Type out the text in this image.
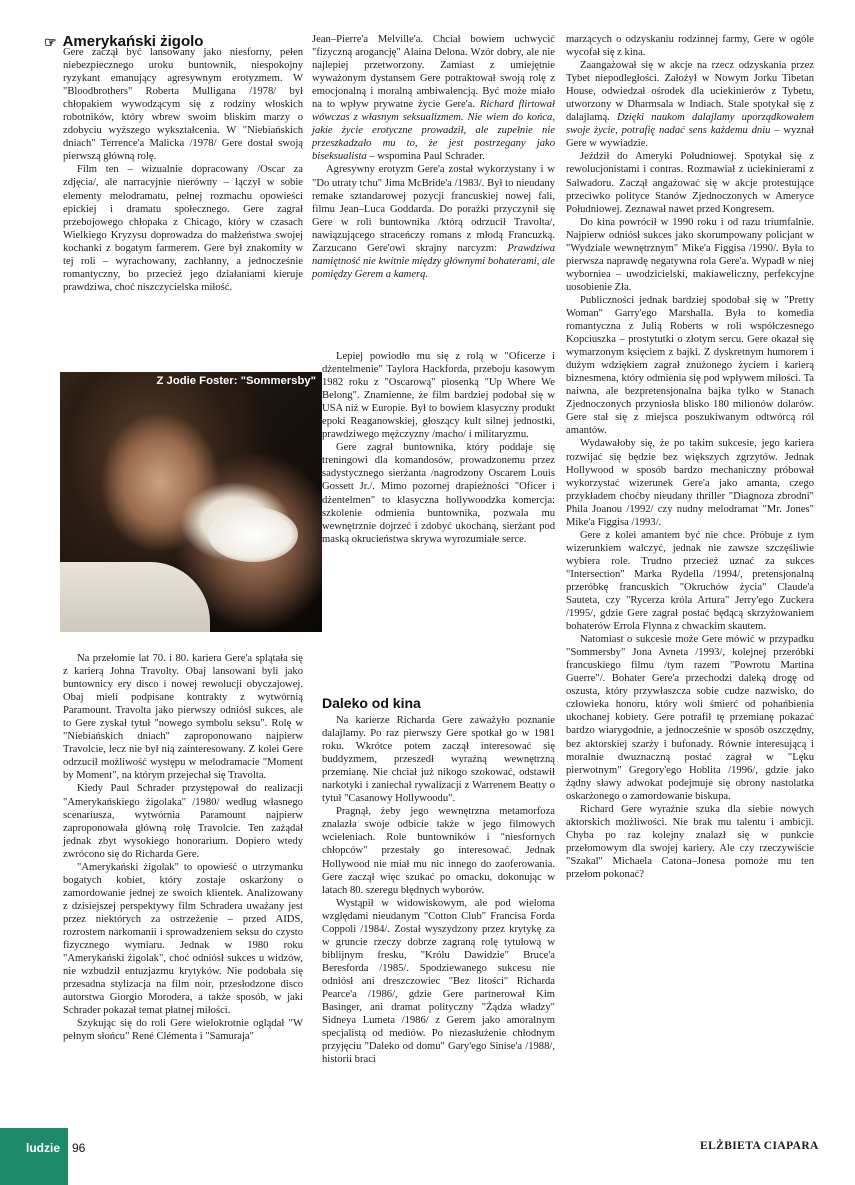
☞ Amerykański żigolo

Gere zaczął być lansowany jako niesforny, pełen niebezpiecznego uroku buntownik, niespokojny ryzykant emanujący agresywnym erotyzmem. W "Bloodbrothers" Roberta Mulligana /1978/ był chłopakiem wywodzącym się z rodziny włoskich robotników, który wbrew swoim bliskim marzy o zdobyciu wyższego wykształcenia. W "Niebiańskich dniach" Terrence'a Malicka /1978/ Gere dostał swoją pierwszą główną rolę.

Film ten – wizualnie dopracowany /Oscar za zdjęcia/, ale narracyjnie nierówny – łączył w sobie elementy melodramatu, pełnej rozmachu opowieści epickiej i dramatu społecznego. Gere zagrał przebojowego chłopaka z Chicago, który w czasach Wielkiego Kryzysu doprowadza do małżeństwa swojej kochanki z bogatym farmerem. Gere był znakomity w tej roli – wyrachowany, zachłanny, a jednocześnie romantyczny, bo przecież jego działaniami kieruje prawdziwa, choć niszczycielska miłość.

Z Jodie Foster: "Sommersby"

Na przełomie lat 70. i 80. kariera Gere'a splątała się z karierą Johna Travolty. Obaj lansowani byli jako buntownicy ery disco i nowej rewolucji obyczajowej. Obaj mieli podpisane kontrakty z wytwórnią Paramount. Travolta jako pierwszy odniósł sukces, ale to Gere zyskał tytuł "nowego symbolu seksu". Rolę w "Niebiańskich dniach" zaproponowano najpierw Travolcie, lecz nie był nią zainteresowany. Z kolei Gere odrzucił możliwość występu w melodramacie "Moment by Moment", na którym przejechał się Travolta.

Kiedy Paul Schrader przystępował do realizacji "Amerykańskiego żigolaka" /1980/ według własnego scenariusza, wytwórnia Paramount najpierw zaproponowała główną rolę Travolcie. Ten zażądał jednak zbyt wysokiego honorarium. Dopiero wtedy zwrócono się do Richarda Gere.

"Amerykański żigolak" to opowieść o utrzymanku bogatych kobiet, który zostaje oskarżony o zamordowanie jednej ze swoich klientek. Analizowany z dzisiejszej perspektywy film Schradera uważany jest przez niektórych za ostrzeżenie – przed AIDS, rozrostem narkomanii i sprowadzeniem seksu do czysto fizycznego wymiaru. Jednak w 1980 roku "Amerykański żigolak", choć odniósł sukces u widzów, nie wzbudził entuzjazmu krytyków. Nie podobała się przesadna stylizacja na film noir, przesłodzone disco autorstwa Giorgio Morodera, a także sposób, w jaki Schrader pokazał temat płatnej miłości.

Szykując się do roli Gere wielokrotnie oglądał "W pełnym słońcu" René Clémenta i "Samuraja"

Jean–Pierre'a Melville'a. Chciał bowiem uchwycić "fizyczną arogancję" Alaina Delona. Wzór dobry, ale nie najlepiej przetworzony. Zamiast z umiejętnie wyważonym dystansem Gere potraktował swoją rolę z emocjonalną i moralną ambiwalencją. Być może miało na to wpływ prywatne życie Gere'a. Richard flirtował wówczas z własnym seksualizmem. Nie wiem do końca, jakie życie erotyczne prowadził, ale zupełnie nie przeszkadzało mu to, że jest postrzegany jako biseksualista – wspomina Paul Schrader.

Agresywny erotyzm Gere'a został wykorzystany i w "Do utraty tchu" Jima McBride'a /1983/. Był to nieudany remake sztandarowej pozycji francuskiej nowej fali, filmu Jean–Luca Goddarda. Do porażki przyczynił się Gere w roli buntownika /którą odrzucił Travolta/, nawiązującego straceńczy romans z młodą Francuzką. Zarzucano Gere'owi skrajny narcyzm: Prawdziwa namiętność nie kwitnie między głównymi bohaterami, ale pomiędzy Gerem a kamerą.

Lepiej powiodło mu się z rolą w "Oficerze i dżentelmenie" Taylora Hackforda, przeboju kasowym 1982 roku z "Oscarową" piosenką "Up Where We Belong". Znamienne, że film bardziej podobał się w USA niż w Europie. Był to bowiem klasyczny produkt epoki Reaganowskiej, głoszący kult silnej jednostki, prawdziwego mężczyzny /macho/ i militaryzmu.

Gere zagrał buntownika, który poddaje się treningowi dla komandosów, prowadzonemu przez sadystycznego sierżanta /nagrodzony Oscarem Louis Gossett Jr./. Mimo pozornej drapieżności "Oficer i dżentelmen" to klasyczna hollywoodzka komercja: szkolenie odmienia buntownika, pozwala mu wewnętrznie dojrzeć i zdobyć ukochaną, sierżant pod maską okrucieństwa skrywa wyrozumiałe serce.

Daleko od kina

Na karierze Richarda Gere zaważyło poznanie dalajlamy. Po raz pierwszy Gere spotkał go w 1981 roku. Wkrótce potem zaczął interesować się buddyzmem, przeszedł wyraźną wewnętrzną przemianę. Nie chciał już nikogo szokować, odstawił narkotyki i zaniechał rywalizacji z Warrenem Beatty o tytuł "Casanowy Hollywoodu".

Pragnął, żeby jego wewnętrzna metamorfoza znalazła swoje odbicie także w jego filmowych wcieleniach. Role buntowników i "niesfornych chłopców" przestały go interesować. Jednak Hollywood nie miał mu nic innego do zaoferowania. Gere zaczął więc szukać po omacku, dokonując w latach 80. szeregu błędnych wyborów.

Wystąpił w widowiskowym, ale pod wieloma względami nieudanym "Cotton Club" Francisa Forda Coppoli /1984/. Został wyszydzony przez krytykę za w gruncie rzeczy dobrze zagraną rolę tytułową w biblijnym fresku, "Królu Dawidzie" Bruce'a Beresforda /1985/. Spodziewanego sukcesu nie odniósł ani dreszczowiec "Bez litości" Richarda Pearce'a /1986/, gdzie Gere partnerował Kim Basinger, ani dramat polityczny "Żądza władzy" Sidneya Lumeta /1986/ z Gerem jako amoralnym specjalistą od mediów. Po niezasłużenie chłodnym przyjęciu "Daleko od domu" Gary'ego Sinise'a /1988/, historii braci

marzących o odzyskaniu rodzinnej farmy, Gere w ogóle wycofał się z kina.

Zaangażował się w akcje na rzecz odzyskania przez Tybet niepodległości. Założył w Nowym Jorku Tibetan House, odwiedzał ośrodek dla uciekinierów z Tybetu, utworzony w Dharmsala w Indiach. Stale spotykał się z dalajlamą. Dzięki naukom dalajlamy uporządkowałem swoje życie, potrafię nadać sens każdemu dniu – wyznał Gere w wywiadzie.

Jeździł do Ameryki Południowej. Spotykał się z rewolucjonistami i contras. Rozmawiał z uciekinierami z Salwadoru. Zaczął angażować się w akcje protestujące przeciwko polityce Stanów Zjednoczonych w Ameryce Południowej. Zeznawał nawet przed Kongresem.

Do kina powrócił w 1990 roku i od razu triumfalnie. Najpierw odniósł sukces jako skorumpowany policjant w "Wydziale wewnętrznym" Mike'a Figgisa /1990/. Była to pierwsza naprawdę negatywna rola Gere'a. Wypadł w niej wyborniea – uwodzicielski, makiaweliczny, perfekcyjne uosobienie Zła.

Publiczności jednak bardziej spodobał się w "Pretty Woman" Garry'ego Marshalla. Była to komedia romantyczna z Julią Roberts w roli współczesnego Kopciuszka – prostytutki o złotym sercu. Gere okazał się wymarzonym księciem z bajki. Z dyskretnym humorem i dużym wdziękiem zagrał znużonego życiem i karierą biznesmena, który odmienia się pod wpływem miłości. Ta naiwna, ale bezpretensjonalna bajka tylko w Stanach Zjednoczonych przyniosła blisko 180 milionów dolarów. Gere stał się z miejsca poszukiwanym odtwórcą ról amantów.

Wydawałoby się, że po takim sukcesie, jego kariera rozwijać się będzie bez większych zgrzytów. Jednak Hollywood w sposób bardzo mechaniczny próbował wykorzystać wizerunek Gere'a jako amanta, czego przykładem choćby nieudany thriller "Diagnoza zbrodni" Phila Joanou /1992/ czy nudny melodramat "Mr. Jones" Mike'a Figgisa /1993/.

Gere z kolei amantem być nie chce. Próbuje z tym wizerunkiem walczyć, jednak nie zawsze szczęśliwie wybiera role. Trudno przecież uznać za sukces "Intersection" Marka Rydella /1994/, pretensjonalną przeróbkę francuskich "Okruchów życia" Claude'a Sauteta, czy "Rycerza króla Artura" Jerry'ego Zuckera /1995/, gdzie Gere zagrał postać będącą skrzyżowaniem bohaterów Errola Flynna z chwackim skautem.

Natomiast o sukcesie może Gere mówić w przypadku "Sommersby" Jona Avneta /1993/, kolejnej przeróbki francuskiego filmu /tym razem "Powrotu Martina Guerre"/. Bohater Gere'a przechodzi daleką drogę od oszusta, który przywłaszcza sobie cudze nazwisko, do człowieka honoru, który woli śmierć od pohańbienia ukochanej kobiety. Gere potrafił tę przemianę pokazać bardzo wiarygodnie, a jednocześnie w sposób oszczędny, bez aktorskiej szarży i bufonady. Równie interesującą i moralnie dwuznaczną postać zagrał w "Lęku pierwotnym" Gregory'ego Hoblita /1996/, gdzie jako żądny sławy adwokat podejmuje się obrony nastolatka oskarżonego o zamordowanie biskupa.

Richard Gere wyraźnie szuka dla siebie nowych aktorskich możliwości. Nie brak mu talentu i ambicji. Chyba po raz kolejny znalazł się w punkcie przełomowym dla swojej kariery. Ale czy rzeczywiście "Szakal" Michaela Catona–Jonesa pomoże mu ten przełom pokonać?

ELŻBIETA CIAPARA
ludzie 96
